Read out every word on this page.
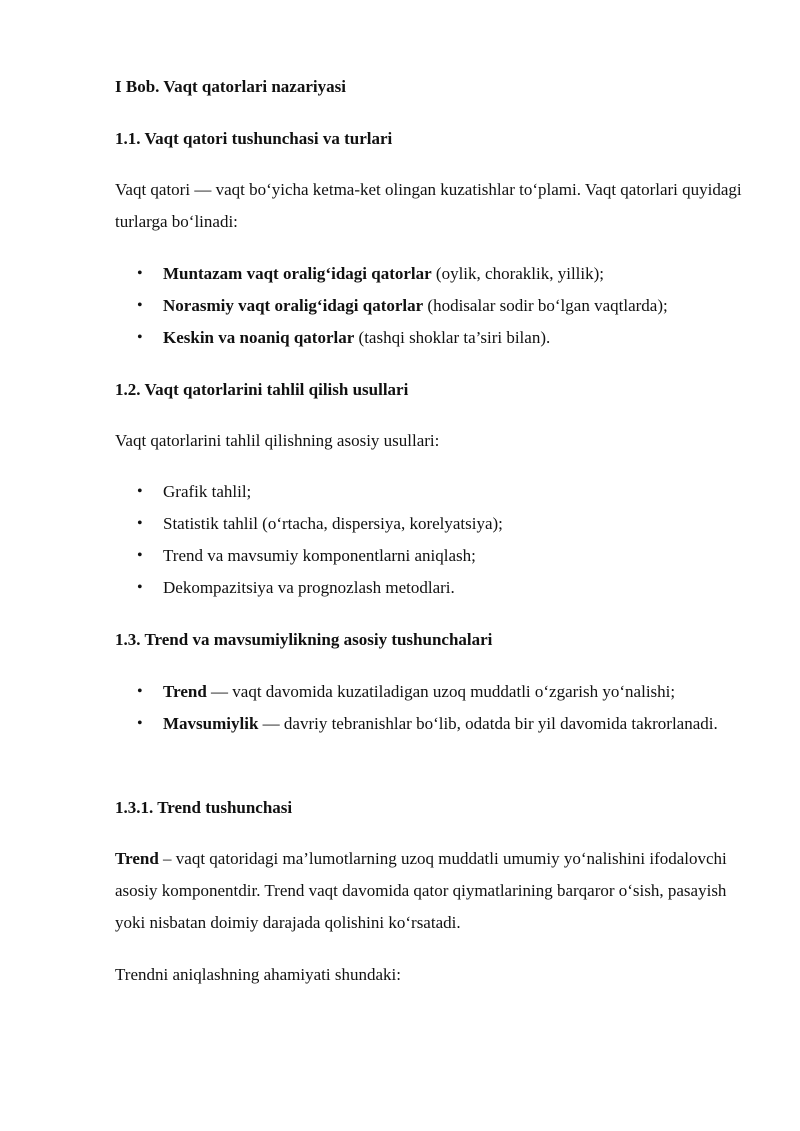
I Bob. Vaqt qatorlari nazariyasi
1.1. Vaqt qatori tushunchasi va turlari

Vaqt qatori — vaqt bo‘yicha ketma-ket olingan kuzatishlar to‘plami. Vaqt qatorlari quyidagi turlarga bo‘linadi:

• Muntazam vaqt oralig‘idagi qatorlar (oylik, choraklik, yillik);
• Norasmiy vaqt oralig‘idagi qatorlar (hodisalar sodir bo‘lgan vaqtlarda);
• Keskin va noaniq qatorlar (tashqi shoklar ta’siri bilan).
1.2. Vaqt qatorlarini tahlil qilish usullari

Vaqt qatorlarini tahlil qilishning asosiy usullari:

• Grafik tahlil;
• Statistik tahlil (o‘rtacha, dispersiya, korelyatsiya);
• Trend va mavsumiy komponentlarni aniqlash;
• Dekompazitsiya va prognozlash metodlari.
1.3. Trend va mavsumiylikning asosiy tushunchalari
• Trend — vaqt davomida kuzatiladigan uzoq muddatli o‘zgarish yo‘nalishi;
• Mavsumiylik — davriy tebranishlar bo‘lib, odatda bir yil davomida takrorlanadi.
1.3.1. Trend tushunchasi

Trend – vaqt qatoridagi ma’lumotlarning uzoq muddatli umumiy yo‘nalishini ifodalovchi asosiy komponentdir. Trend vaqt davomida qator qiymatlarining barqaror o‘sish, pasayish yoki nisbatan doimiy darajada qolishini ko‘rsatadi.

Trendni aniqlashning ahamiyati shundaki:
